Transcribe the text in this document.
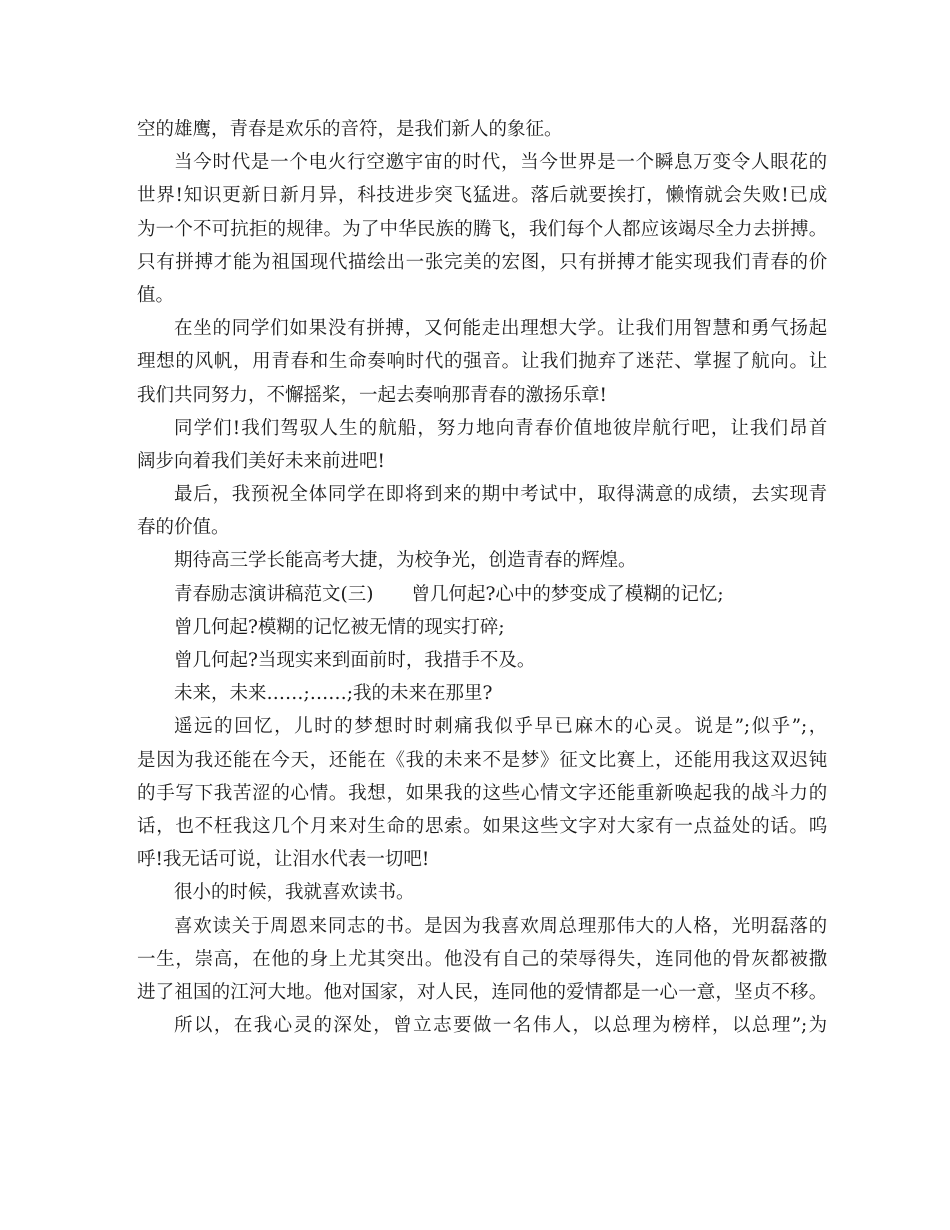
空的雄鹰，青春是欢乐的音符，是我们新人的象征。
当今时代是一个电火行空邀宇宙的时代，当今世界是一个瞬息万变令人眼花的
世界!知识更新日新月异，科技进步突飞猛进。落后就要挨打，懒惰就会失败!已成
为一个不可抗拒的规律。为了中华民族的腾飞，我们每个人都应该竭尽全力去拼搏。
只有拼搏才能为祖国现代描绘出一张完美的宏图，只有拼搏才能实现我们青春的价
值。
在坐的同学们如果没有拼搏，又何能走出理想大学。让我们用智慧和勇气扬起
理想的风帆，用青春和生命奏响时代的强音。让我们抛弃了迷茫、掌握了航向。让
我们共同努力，不懈摇桨，一起去奏响那青春的激扬乐章!
同学们!我们驾驭人生的航船，努力地向青春价值地彼岸航行吧，让我们昂首
阔步向着我们美好未来前进吧!
最后，我预祝全体同学在即将到来的期中考试中，取得满意的成绩，去实现青
春的价值。
期待高三学长能高考大捷，为校争光，创造青春的辉煌。
青春励志演讲稿范文(三) 曾几何起?心中的梦变成了模糊的记忆;
曾几何起?模糊的记忆被无情的现实打碎;
曾几何起?当现实来到面前时，我措手不及。
未来，未来……;……;我的未来在那里?
遥远的回忆，儿时的梦想时时刺痛我似乎早已麻木的心灵。说是”;似乎”;，
是因为我还能在今天，还能在《我的未来不是梦》征文比赛上，还能用我这双迟钝
的手写下我苦涩的心情。我想，如果我的这些心情文字还能重新唤起我的战斗力的
话，也不枉我这几个月来对生命的思索。如果这些文字对大家有一点益处的话。呜
呼!我无话可说，让泪水代表一切吧!
很小的时候，我就喜欢读书。
喜欢读关于周恩来同志的书。是因为我喜欢周总理那伟大的人格，光明磊落的
一生，崇高，在他的身上尤其突出。他没有自己的荣辱得失，连同他的骨灰都被撒
进了祖国的江河大地。他对国家，对人民，连同他的爱情都是一心一意，坚贞不移。
所以，在我心灵的深处，曾立志要做一名伟人，以总理为榜样，以总理”;为
